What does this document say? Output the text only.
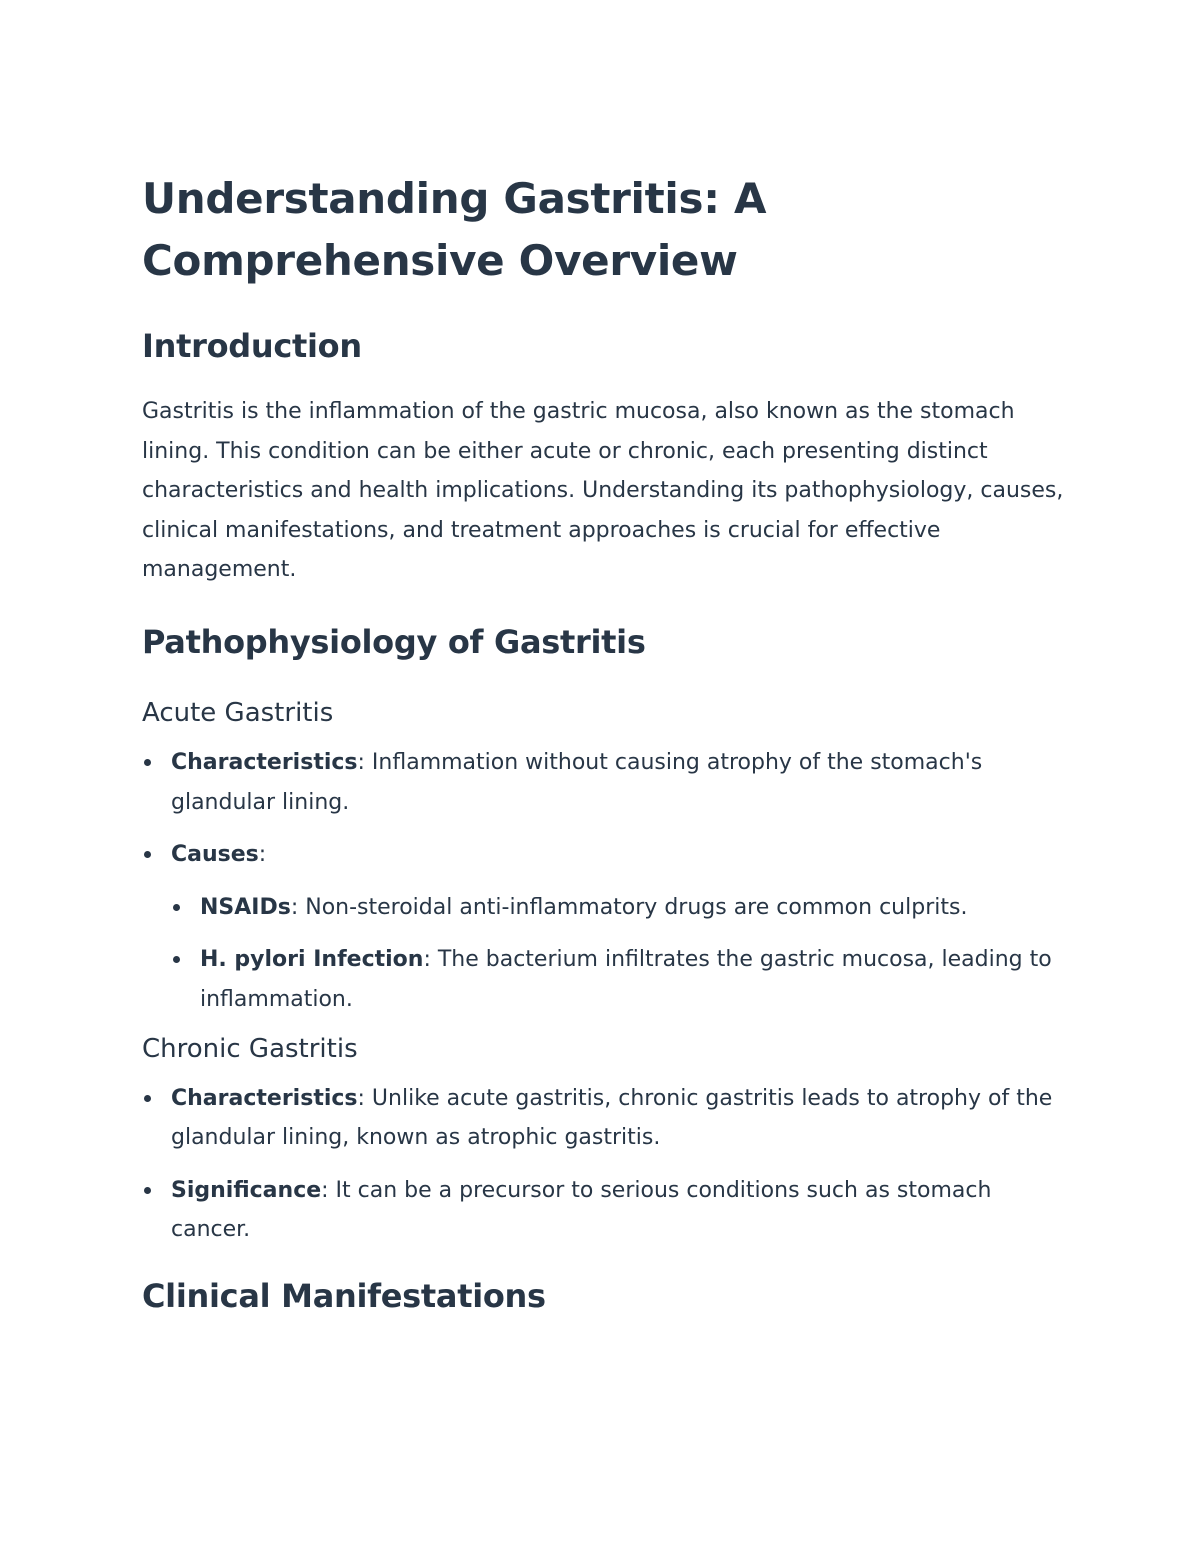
Understanding Gastritis: A Comprehensive Overview
Introduction

Gastritis is the inflammation of the gastric mucosa, also known as the stomach lining. This condition can be either acute or chronic, each presenting distinct characteristics and health implications. Understanding its pathophysiology, causes, clinical manifestations, and treatment approaches is crucial for effective management.

Pathophysiology of Gastritis
Acute Gastritis
Characteristics: Inflammation without causing atrophy of the stomach's glandular lining.
Causes:
NSAIDs: Non-steroidal anti-inflammatory drugs are common culprits.
H. pylori Infection: The bacterium infiltrates the gastric mucosa, leading to inflammation.
Chronic Gastritis
Characteristics: Unlike acute gastritis, chronic gastritis leads to atrophy of the glandular lining, known as atrophic gastritis.
Significance: It can be a precursor to serious conditions such as stomach cancer.
Clinical Manifestations
